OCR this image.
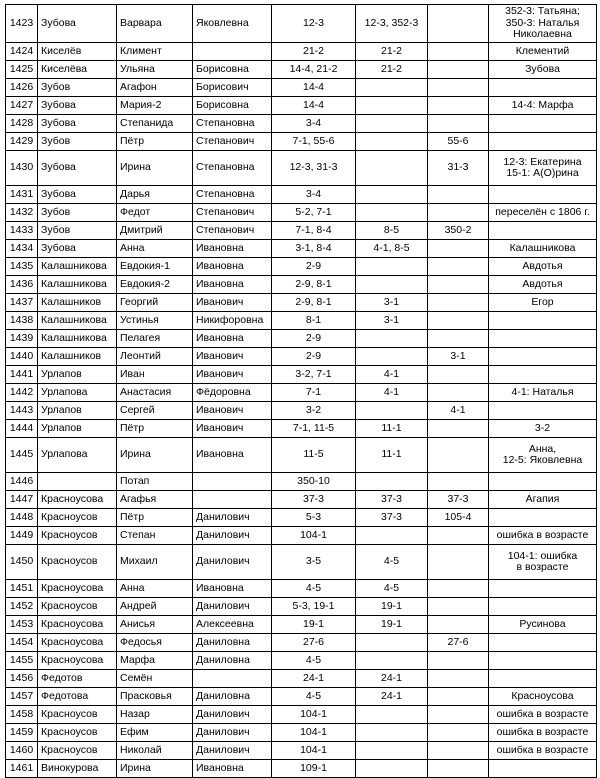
1423	Зубова	Варвара	Яковлевна	12-3	12-3, 352-3		352-3: Татьяна;
350-3: Наталья
Николаевна
1424	Киселёв	Климент		21-2	21-2		Клементий
1425	Киселёва	Ульяна	Борисовна	14-4, 21-2	21-2		Зубова
1426	Зубов	Агафон	Борисович	14-4			
1427	Зубова	Мария-2	Борисовна	14-4			14-4: Марфа
1428	Зубова	Степанида	Степановна	3-4			
1429	Зубов	Пётр	Степанович	7-1, 55-6		55-6	
1430	Зубова	Ирина	Степановна	12-3, 31-3		31-3	12-3: Екатерина
15-1: А(О)рина
1431	Зубова	Дарья	Степановна	3-4			
1432	Зубов	Федот	Степанович	5-2, 7-1			переселён с 1806 г.
1433	Зубов	Дмитрий	Степанович	7-1, 8-4	8-5	350-2	
1434	Зубова	Анна	Ивановна	3-1, 8-4	4-1, 8-5		Калашникова
1435	Калашникова	Евдокия-1	Ивановна	2-9			Авдотья
1436	Калашникова	Евдокия-2	Ивановна	2-9, 8-1			Авдотья
1437	Калашников	Георгий	Иванович	2-9, 8-1	3-1		Егор
1438	Калашникова	Устинья	Никифоровна	8-1	3-1		
1439	Калашникова	Пелагея	Ивановна	2-9			
1440	Калашников	Леонтий	Иванович	2-9		3-1	
1441	Урлапов	Иван	Иванович	3-2, 7-1	4-1		
1442	Урлапова	Анастасия	Фёдоровна	7-1	4-1		4-1: Наталья
1443	Урлапов	Сергей	Иванович	3-2		4-1	
1444	Урлапов	Пётр	Иванович	7-1, 11-5	11-1		3-2
1445	Урлапова	Ирина	Ивановна	11-5	11-1		Анна,
12-5: Яковлевна
1446		Потап		350-10			
1447	Красноусова	Агафья		37-3	37-3	37-3	Агапия
1448	Красноусов	Пётр	Данилович	5-3	37-3	105-4	
1449	Красноусов	Степан	Данилович	104-1			ошибка в возрасте
1450	Красноусов	Михаил	Данилович	3-5	4-5		104-1: ошибка
в возрасте
1451	Красноусова	Анна	Ивановна	4-5	4-5		
1452	Красноусов	Андрей	Данилович	5-3, 19-1	19-1		
1453	Красноусова	Анисья	Алексеевна	19-1	19-1		Русинова
1454	Красноусова	Федосья	Даниловна	27-6		27-6	
1455	Красноусова	Марфа	Даниловна	4-5			
1456	Федотов	Семён		24-1	24-1		
1457	Федотова	Прасковья	Даниловна	4-5	24-1		Красноусова
1458	Красноусов	Назар	Данилович	104-1			ошибка в возрасте
1459	Красноусов	Ефим	Данилович	104-1			ошибка в возрасте
1460	Красноусов	Николай	Данилович	104-1			ошибка в возрасте
1461	Винокурова	Ирина	Ивановна	109-1			
